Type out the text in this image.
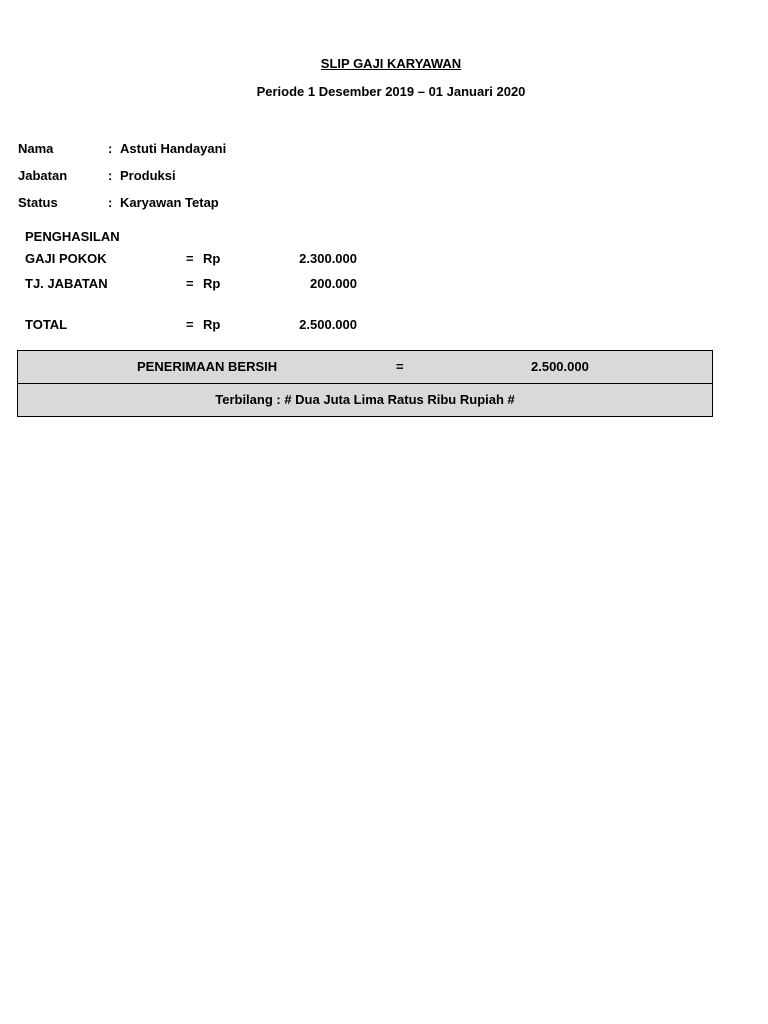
SLIP GAJI KARYAWAN
Periode 1 Desember 2019 – 01 Januari 2020
Nama	: Astuti Handayani
Jabatan	: Produksi
Status	: Karyawan Tetap
PENGHASILAN
GAJI POKOK	= Rp	2.300.000
TJ. JABATAN	= Rp	200.000
TOTAL	= Rp	2.500.000
PENERIMAAN BERSIH	=	2.500.000
Terbilang : # Dua Juta Lima Ratus Ribu Rupiah #
